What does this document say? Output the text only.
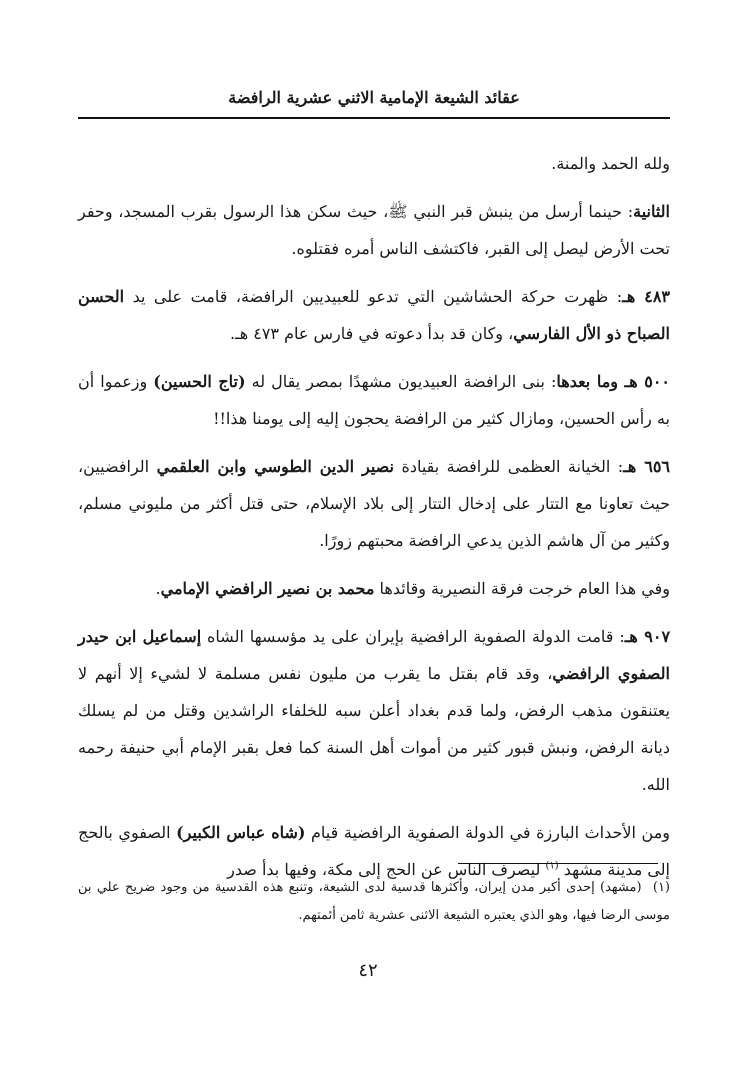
عقائد الشيعة الإمامية الاثني عشرية الرافضة

ولله الحمد والمنة.

الثانية: حينما أرسل من ينبش قبر النبي ﷺ، حيث سكن هذا الرسول بقرب المسجد، وحفر تحت الأرض ليصل إلى القبر، فاكتشف الناس أمره فقتلوه.

٤٨٣ هـ: ظهرت حركة الحشاشين التي تدعو للعبيديين الرافضة، قامت على يد الحسن الصباح ذو الأل الفارسي، وكان قد بدأ دعوته في فارس عام ٤٧٣ هـ.

٥٠٠ هـ وما بعدها: بنى الرافضة العبيديون مشهدًا بمصر يقال له (تاج الحسين) وزعموا أن به رأس الحسين، ومازال كثير من الرافضة يحجون إليه إلى يومنا هذا!!

٦٥٦ هـ: الخيانة العظمى للرافضة بقيادة نصير الدين الطوسي وابن العلقمي الرافضيين، حيث تعاونا مع التتار على إدخال التتار إلى بلاد الإسلام، حتى قتل أكثر من مليوني مسلم، وكثير من آل هاشم الذين يدعي الرافضة محبتهم زورًا.

وفي هذا العام خرجت فرقة النصيرية وقائدها محمد بن نصير الرافضي الإمامي.

٩٠٧ هـ: قامت الدولة الصفوية الرافضية بإيران على يد مؤسسها الشاه إسماعيل ابن حيدر الصفوي الرافضي، وقد قام بقتل ما يقرب من مليون نفس مسلمة لا لشيء إلا أنهم لا يعتنقون مذهب الرفض، ولما قدم بغداد أعلن سبه للخلفاء الراشدين وقتل من لم يسلك ديانة الرفض، ونبش قبور كثير من أموات أهل السنة كما فعل بقبر الإمام أبي حنيفة رحمه الله.

ومن الأحداث البارزة في الدولة الصفوية الرافضية قيام (شاه عباس الكبير) الصفوي بالحج إلى مدينة مشهد $^{(١)}$ ليصرف الناس عن الحج إلى مكة، وفيها بدأ صدر

(١) (مشهد) إحدى أكبر مدن إيران، وأكثرها قدسية لدى الشيعة، وتنبع هذه القدسية من وجود ضريح علي بن موسى الرضا فيها، وهو الذي يعتبره الشيعة الاثنى عشرية ثامن أئمتهم.
٤٢
